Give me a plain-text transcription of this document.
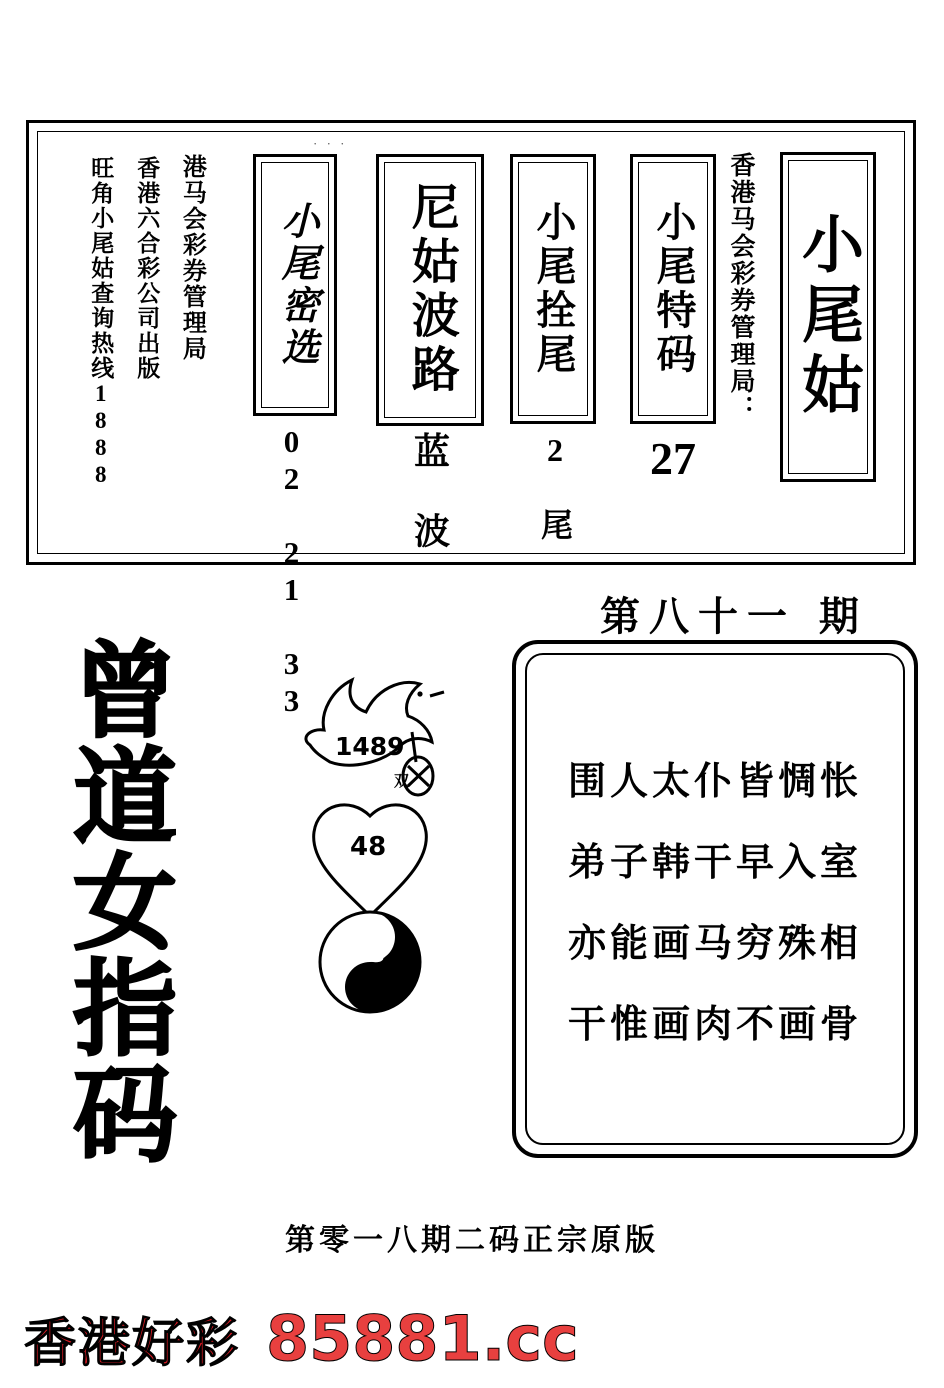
· · ·
小尾姑
香港马会彩券管理局：
小尾特码
27
小尾拴尾
2 尾
尼姑波路
蓝 波
小尾密选
02 21 33
港马会彩券管理局
香港六合彩公司出版
旺角小尾姑查询热线1888
第八十一 期
曾道女指码	1489
双
48
23
围人太仆皆惆怅
弟子韩干早入室
亦能画马穷殊相
干惟画肉不画骨
第零一八期二码正宗原版
香港好彩 85881.cc
